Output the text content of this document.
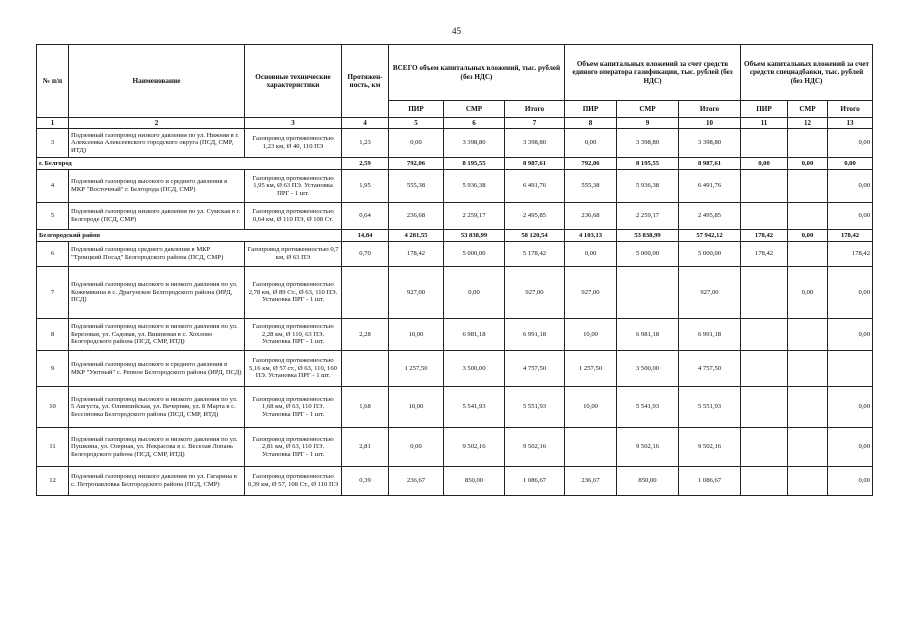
45
№ п/п	Наименование	Основные технические характеристики	Протяжен-ность, км	ВСЕГО объем капитальных вложений, тыс. рублей (без НДС)			Объем капитальных вложений за счет средств единого оператора газификации, тыс. рублей (без НДС)			Объем капитальных вложений за счет средств спецнадбавки, тыс. рублей (без НДС)		
				ПИР	СМР	Итого	ПИР	СМР	Итого	ПИР	СМР	Итого
1	2	3	4	5	6	7	8	9	10	11	12	13
3	Подземный газопровод низкого давления по ул. Нижняя в г. Алексеевка Алексеевского городского округа (ПСД, СМР, ИТД)	Газопровод протяженностью 1,23 км, Ø 40, 110 ПЭ	1,23	0,00	3 398,80	3 398,80	0,00	3 398,80	3 398,80			0,00
г. Белгород			2,59	792,06	8 195,55	8 987,61	792,06	8 195,55	8 987,61	0,00	0,00	0,00
4	Подземный газопровод высокого и среднего давления в МКР "Восточный" г. Белгорода (ПСД, СМР)	Газопровод протяженностью 1,95 км, Ø 63 ПЭ. Установка ПРГ - 1 шт.	1,95	555,38	5 936,38	6 491,76	555,38	5 936,38	6 491,76			0,00
5	Подземный газопровод низкого давления по ул. Сумская в г. Белгороде (ПСД, СМР)	Газопровод протяженностью 0,64 км, Ø 110 ПЭ, Ø 108 Ст.	0,64	236,68	2 259,17	2 495,85	236,68	2 259,17	2 495,85			0,00
Белгородский район			14,84	4 281,55	53 838,99	58 120,54	4 103,13	53 838,99	57 942,12	178,42	0,00	178,42
6	Подземный газопровод среднего давления в МКР "Троицкий Посад" Белгородского района (ПСД, СМР)	Газопровод протяженностью 0,7 км, Ø 63 ПЭ	0,70	178,42	5 000,00	5 178,42	0,00	5 000,00	5 000,00	178,42		178,42
7	Подземный газопровод высокого и низкого давления по ул. Кожемякина в с. Драгунское Белгородского района (ИРД, ПСД)	Газопровод протяженностью 2,78 км, Ø 89 Ст., Ø 63, 110 ПЭ. Установка ПРГ - 1 шт.		927,00	0,00	927,00	927,00		927,00		0,00	0,00
8	Подземный газопровод высокого и низкого давления по ул. Березовая, ул. Садовая, ул. Вишневая в с. Хохлово Белгородского района (ПСД, СМР, ИТД)	Газопровод протяженностью 2,28 км, Ø 110, 63 ПЭ. Установка ПРГ - 1 шт.	2,28	10,00	6 981,18	6 991,18	10,00	6 981,18	6 991,18			0,00
9	Подземный газопровод высокого и среднего давления в МКР "Уютный" с. Репное Белгородского района (ИРД, ПСД)	Газопровод протяженностью 5,16 км, Ø 57 ст., Ø 63, 110, 160 ПЭ. Установка ПРГ - 1 шт.		1 257,50	3 500,00	4 757,50	1 257,50	3 500,00	4 757,50			
10	Подземный газопровод высокого и низкого давления по ул. 5 Августа, ул. Олимпийская, ул. Вечерняя, ул. 8 Марта в с. Бессоновка Белгородского района (ПСД, СМР, ИТД)	Газопровод протяженностью 1,68 км, Ø 63, 110 ПЭ. Установка ПРГ - 1 шт.	1,68	10,00	5 541,93	5 551,93	10,00	5 541,93	5 551,93			0,00
11	Подземный газопровод высокого и низкого давления по ул. Пушкина, ул. Озерная, ул. Некрасова в с. Веселая Лопань Белгородского района (ПСД, СМР, ИТД)	Газопровод протяженностью 2,81 км, Ø 63, 110 ПЭ. Установка ПРГ - 1 шт.	2,81	0,00	9 502,16	9 502,16		9 502,16	9 502,16			0,00
12	Подземный газопровод низкого давления по ул. Гагарина в с. Петропавловка Белгородского района (ПСД, СМР)	Газопровод протяженностью 0,39 км, Ø 57, 108 Ст., Ø 110 ПЭ	0,39	236,67	850,00	1 086,67	236,67	850,00	1 086,67			0,00
